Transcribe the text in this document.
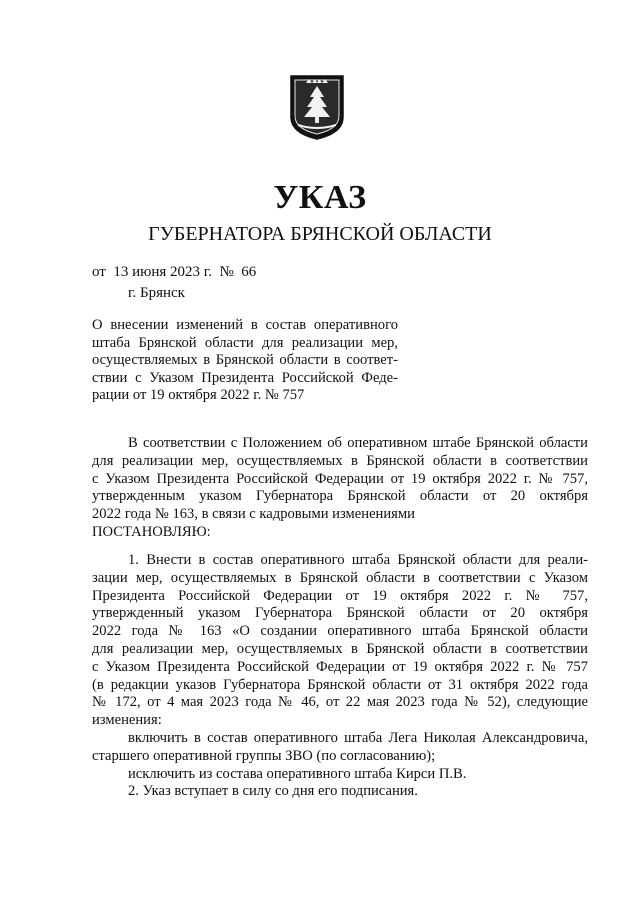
УКАЗ
ГУБЕРНАТОРА БРЯНСКОЙ ОБЛАСТИ
от  13 июня 2023 г.  №  66
г. Брянск
О внесении изменений в состав оперативного
штаба Брянской области для реализации мер,
осуществляемых в Брянской области в соответ-
ствии с Указом Президента Российской Феде-
рации от 19 октября 2022 г. № 757
В соответствии с Положением об оперативном штабе Брянской области
для реализации мер, осуществляемых в Брянской области в соответствии
с Указом Президента Российской Федерации от 19 октября 2022 г. № 757,
утвержденным указом Губернатора Брянской области от 20 октября
2022 года № 163, в связи с кадровыми изменениями
ПОСТАНОВЛЯЮ:
1. Внести в состав оперативного штаба Брянской области для реали-
зации мер, осуществляемых в Брянской области в соответствии с Указом
Президента Российской Федерации от 19 октября 2022 г. № 757,
утвержденный указом Губернатора Брянской области от 20 октября
2022 года № 163 «О создании оперативного штаба Брянской области
для реализации мер, осуществляемых в Брянской области в соответствии
с Указом Президента Российской Федерации от 19 октября 2022 г. № 757
(в редакции указов Губернатора Брянской области от 31 октября 2022 года
№ 172, от 4 мая 2023 года № 46, от 22 мая 2023 года № 52), следующие
изменения:
включить в состав оперативного штаба Лега Николая Александровича,
старшего оперативной группы ЗВО (по согласованию);
исключить из состава оперативного штаба Кирси П.В.
2. Указ вступает в силу со дня его подписания.
